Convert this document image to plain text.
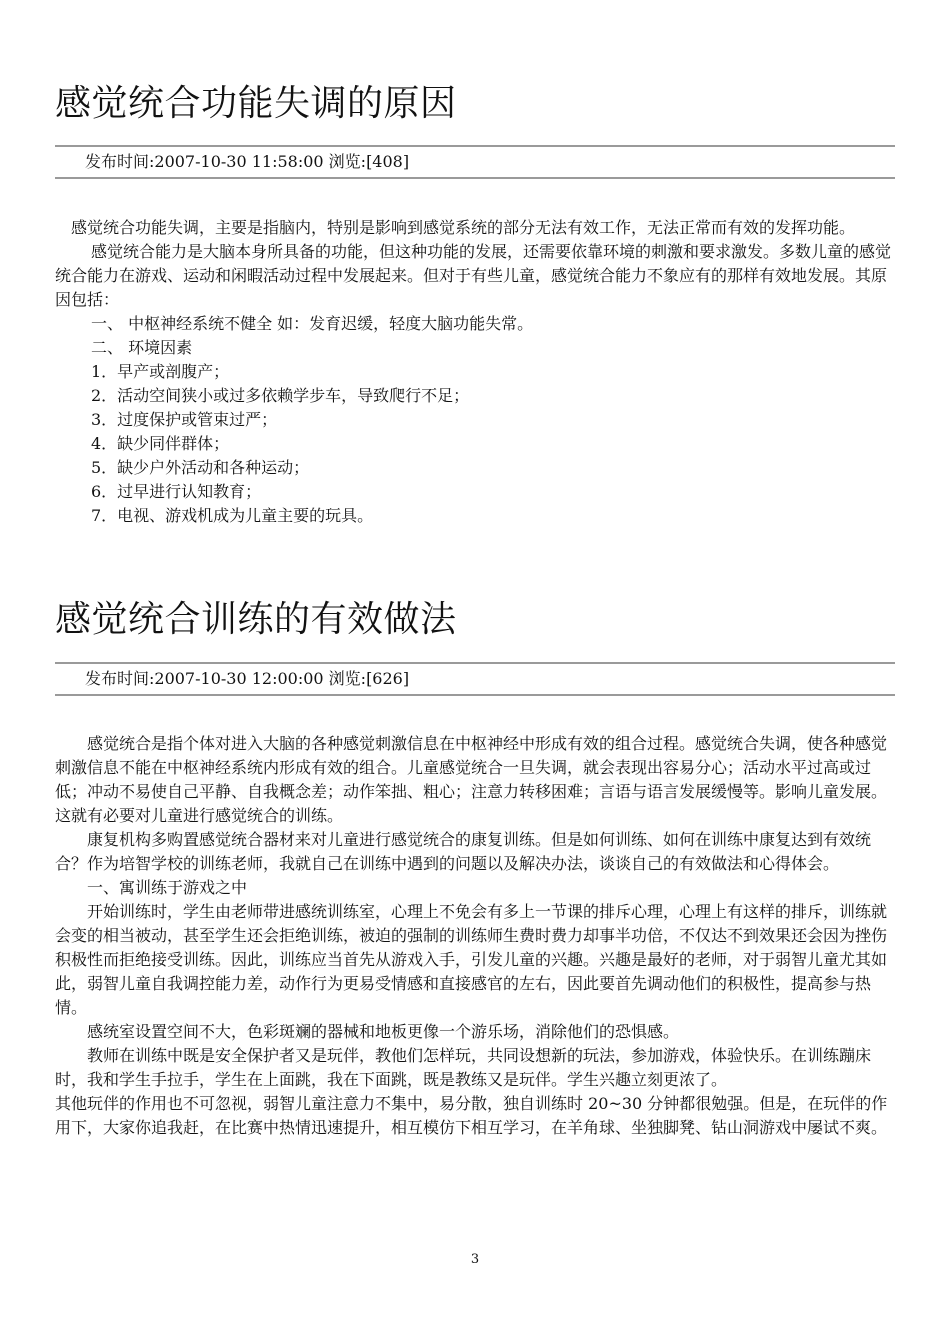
感觉统合功能失调的原因
发布时间:2007-10-30 11:58:00 浏览:[408]

感觉统合功能失调，主要是指脑内，特别是影响到感觉系统的部分无法有效工作，无法正常而有效的发挥功能。

感觉统合能力是大脑本身所具备的功能，但这种功能的发展，还需要依靠环境的刺激和要求激发。多数儿童的感觉统合能力在游戏、运动和闲暇活动过程中发展起来。但对于有些儿童，感觉统合能力不象应有的那样有效地发展。其原因包括：

一、 中枢神经系统不健全 如：发育迟缓，轻度大脑功能失常。

二、 环境因素

1．早产或剖腹产；

2．活动空间狭小或过多依赖学步车，导致爬行不足；

3．过度保护或管束过严；

4．缺少同伴群体；

5．缺少户外活动和各种运动；

6．过早进行认知教育；

7．电视、游戏机成为儿童主要的玩具。

感觉统合训练的有效做法
发布时间:2007-10-30 12:00:00 浏览:[626]

感觉统合是指个体对进入大脑的各种感觉刺激信息在中枢神经中形成有效的组合过程。感觉统合失调，使各种感觉刺激信息不能在中枢神经系统内形成有效的组合。儿童感觉统合一旦失调，就会表现出容易分心；活动水平过高或过低；冲动不易使自己平静、自我概念差；动作笨拙、粗心；注意力转移困难；言语与语言发展缓慢等。影响儿童发展。这就有必要对儿童进行感觉统合的训练。

康复机构多购置感觉统合器材来对儿童进行感觉统合的康复训练。但是如何训练、如何在训练中康复达到有效统合？作为培智学校的训练老师，我就自己在训练中遇到的问题以及解决办法，谈谈自己的有效做法和心得体会。

一、寓训练于游戏之中

开始训练时，学生由老师带进感统训练室，心理上不免会有多上一节课的排斥心理，心理上有这样的排斥，训练就会变的相当被动，甚至学生还会拒绝训练，被迫的强制的训练师生费时费力却事半功倍，不仅达不到效果还会因为挫伤积极性而拒绝接受训练。因此，训练应当首先从游戏入手，引发儿童的兴趣。兴趣是最好的老师，对于弱智儿童尤其如此，弱智儿童自我调控能力差，动作行为更易受情感和直接感官的左右，因此要首先调动他们的积极性，提高参与热情。

感统室设置空间不大，色彩斑斓的器械和地板更像一个游乐场，消除他们的恐惧感。

教师在训练中既是安全保护者又是玩伴，教他们怎样玩，共同设想新的玩法，参加游戏，体验快乐。在训练蹦床时，我和学生手拉手，学生在上面跳，我在下面跳，既是教练又是玩伴。学生兴趣立刻更浓了。

其他玩伴的作用也不可忽视，弱智儿童注意力不集中，易分散，独自训练时 20~30 分钟都很勉强。但是，在玩伴的作用下，大家你追我赶，在比赛中热情迅速提升，相互模仿下相互学习，在羊角球、坐独脚凳、钻山洞游戏中屡试不爽。

3
